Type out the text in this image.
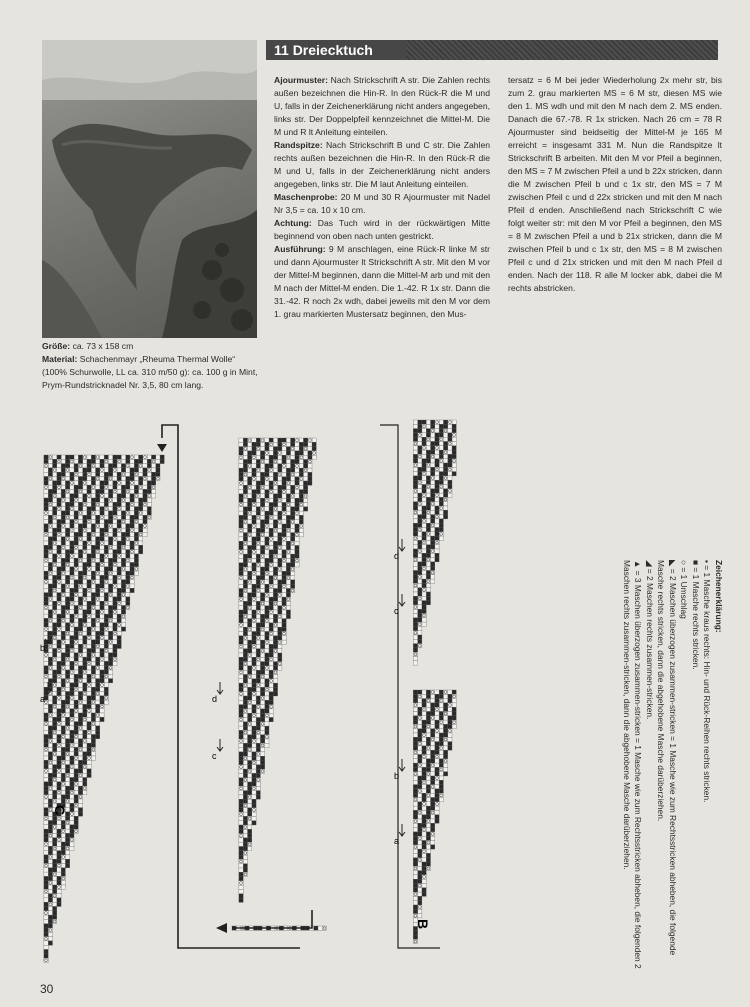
11 Dreiecktuch

Größe: ca. 73 x 158 cm

Material: Schachenmayr „Rheuma Thermal Wolle“ (100% Schurwolle, LL ca. 310 m/50 g): ca. 100 g in Mint, Prym-Rundstricknadel Nr. 3,5, 80 cm lang.

Ajourmuster: Nach Strickschrift A str. Die Zahlen rechts außen bezeichnen die Hin-R. In den Rück-R die M und U, falls in der Zeichenerklärung nicht anders angegeben, links str. Der Doppelpfeil kennzeichnet die Mittel-M. Die M und R lt Anleitung einteilen.

Randspitze: Nach Strickschrift B und C str. Die Zahlen rechts außen bezeichnen die Hin-R. In den Rück-R die M und U, falls in der Zeichenerklärung nicht anders angegeben, links str. Die M laut Anleitung einteilen.

Maschenprobe: 20 M und 30 R Ajourmuster mit Nadel Nr 3,5 = ca. 10 x 10 cm.

Achtung: Das Tuch wird in der rückwärtigen Mitte beginnend von oben nach unten gestrickt.

Ausführung: 9 M anschlagen, eine Rück-R linke M str und dann Ajourmuster lt Strickschrift A str. Mit den M vor der Mittel-M beginnen, dann die Mittel-M arb und mit den M nach der Mittel-M enden. Die 1.-42. R 1x str. Dann die 31.-42. R noch 2x wdh, dabei jeweils mit den M vor dem 1. grau markierten Mustersatz beginnen, den Mus-

tersatz = 6 M bei jeder Wiederholung 2x mehr str, bis zum 2. grau markierten MS = 6 M str, diesen MS wie den 1. MS wdh und mit den M nach dem 2. MS enden. Danach die 67.-78. R 1x stricken. Nach 26 cm = 78 R Ajourmuster sind beidseitig der Mittel-M je 165 M erreicht = insgesamt 331 M. Nun die Randspitze lt Strickschrift B arbeiten. Mit den M vor Pfeil a beginnen, den MS = 7 M zwischen Pfeil a und b 22x stricken, dann die M zwischen Pfeil b und c 1x str, den MS = 7 M zwischen Pfeil c und d 22x stricken und mit den M nach Pfeil d enden. Anschließend nach Strickschrift C wie folgt weiter str: mit den M vor Pfeil a beginnen, den MS = 8 M zwischen Pfeil a und b 21x stricken, dann die M zwischen Pfeil b und c 1x str, den MS = 8 M zwischen Pfeil c und d 21x stricken und mit den M nach Pfeil d enden. Nach der 118. R alle M locker abk, dabei die M rechts abstricken.

C
B
b
a	d
c
d
c
b
a

Zeichenerklärung:

▪ = 1 Masche kraus rechts: Hin- und Rück-Reihen rechts stricken.

■ = 1 Masche rechts stricken.

○ = 1 Umschlag

◣ = 2 Maschen überzogen zusammen-stricken = 1 Masche wie zum Rechtsstricken abheben, die folgende Masche rechts stricken, dann die abgehobene Masche darüberziehen.

◢ = 2 Maschen rechts zusammen-stricken.

▲ = 3 Maschen überzogen zusammen-stricken = 1 Masche wie zum Rechtsstricken abheben, die folgenden 2 Maschen rechts zusammen-stricken, dann die abgehobene Masche darüberziehen.

30
